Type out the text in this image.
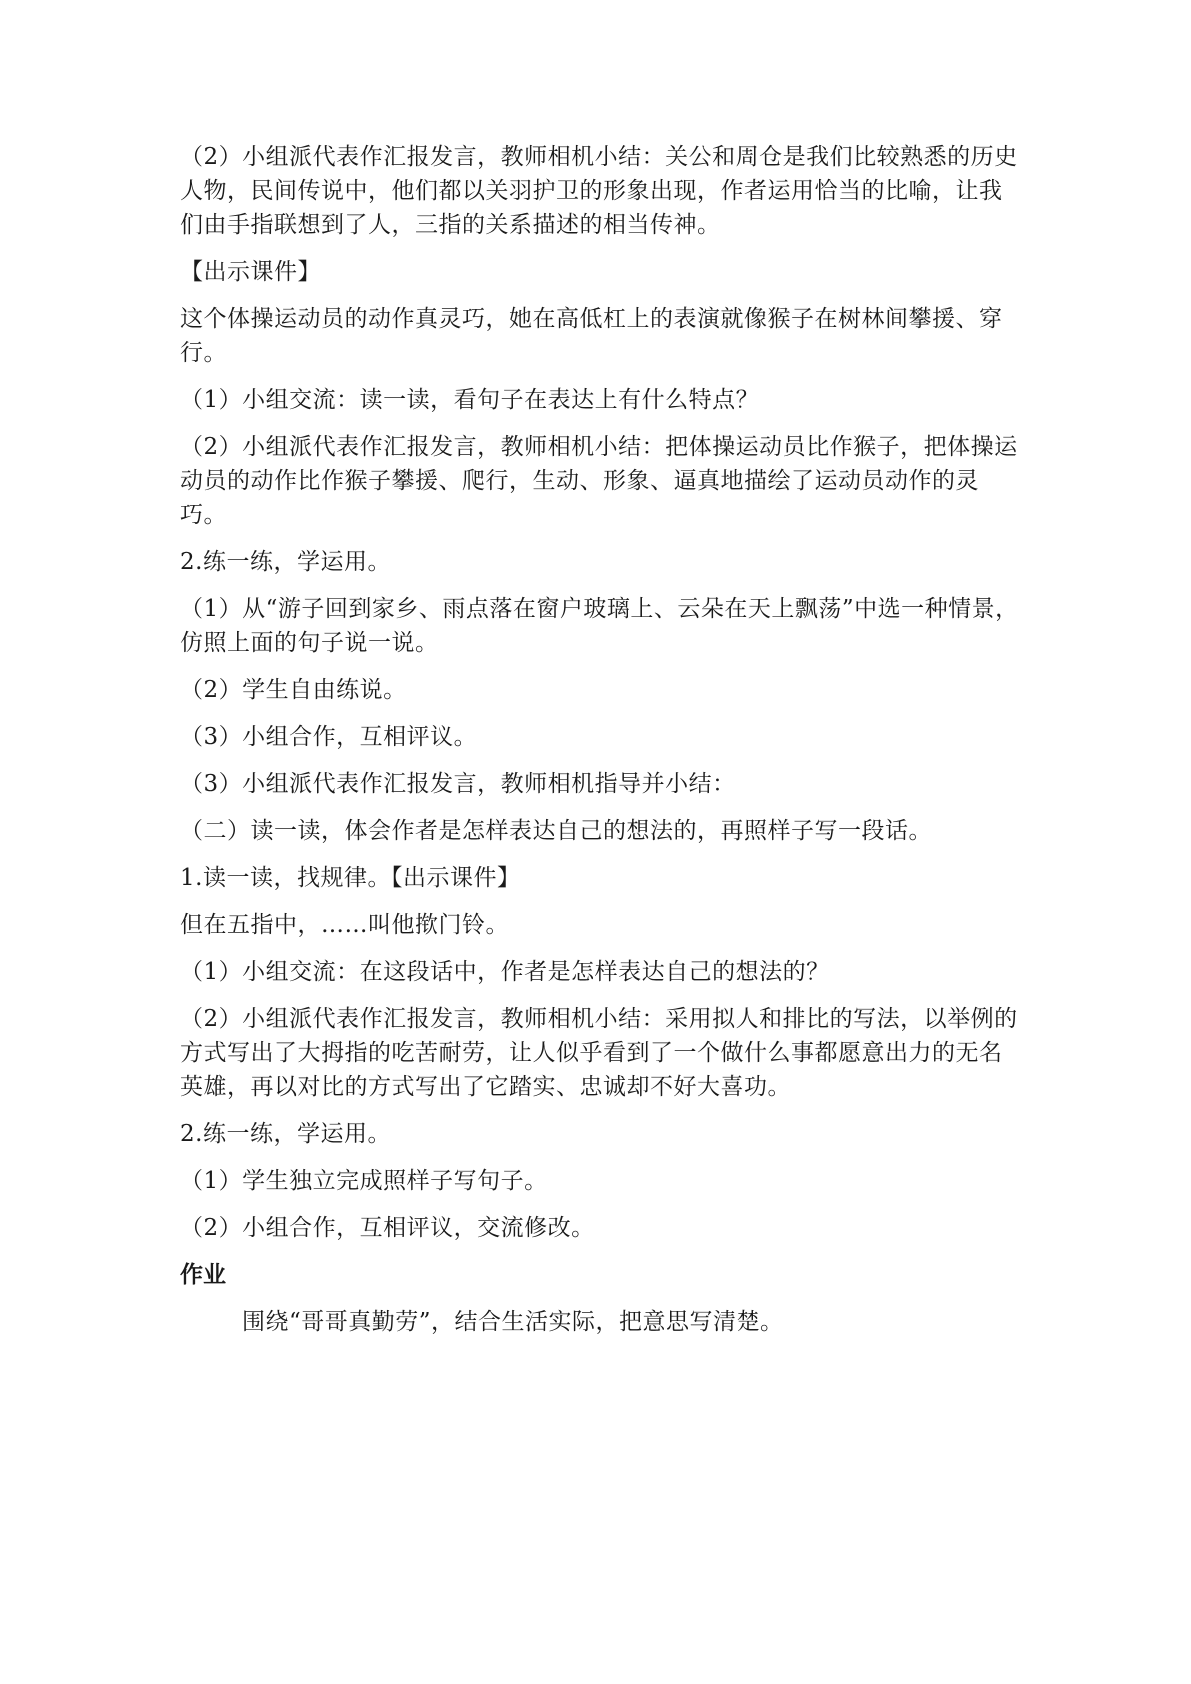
（2）小组派代表作汇报发言，教师相机小结：关公和周仓是我们比较熟悉的历史人物，民间传说中，他们都以关羽护卫的形象出现，作者运用恰当的比喻，让我们由手指联想到了人，三指的关系描述的相当传神。

【出示课件】

这个体操运动员的动作真灵巧，她在高低杠上的表演就像猴子在树林间攀援、穿行。

（1）小组交流：读一读，看句子在表达上有什么特点？

（2）小组派代表作汇报发言，教师相机小结：把体操运动员比作猴子，把体操运动员的动作比作猴子攀援、爬行，生动、形象、逼真地描绘了运动员动作的灵巧。

2.练一练，学运用。

（1）从“游子回到家乡、雨点落在窗户玻璃上、云朵在天上飘荡”中选一种情景，仿照上面的句子说一说。

（2）学生自由练说。

（3）小组合作，互相评议。

（3）小组派代表作汇报发言，教师相机指导并小结：

（二）读一读，体会作者是怎样表达自己的想法的，再照样子写一段话。

1.读一读，找规律。【出示课件】

但在五指中，……叫他揿门铃。

（1）小组交流：在这段话中，作者是怎样表达自己的想法的？

（2）小组派代表作汇报发言，教师相机小结：采用拟人和排比的写法，以举例的方式写出了大拇指的吃苦耐劳，让人似乎看到了一个做什么事都愿意出力的无名英雄，再以对比的方式写出了它踏实、忠诚却不好大喜功。

2.练一练，学运用。

（1）学生独立完成照样子写句子。

（2）小组合作，互相评议，交流修改。

作业

围绕“哥哥真勤劳”，结合生活实际，把意思写清楚。
